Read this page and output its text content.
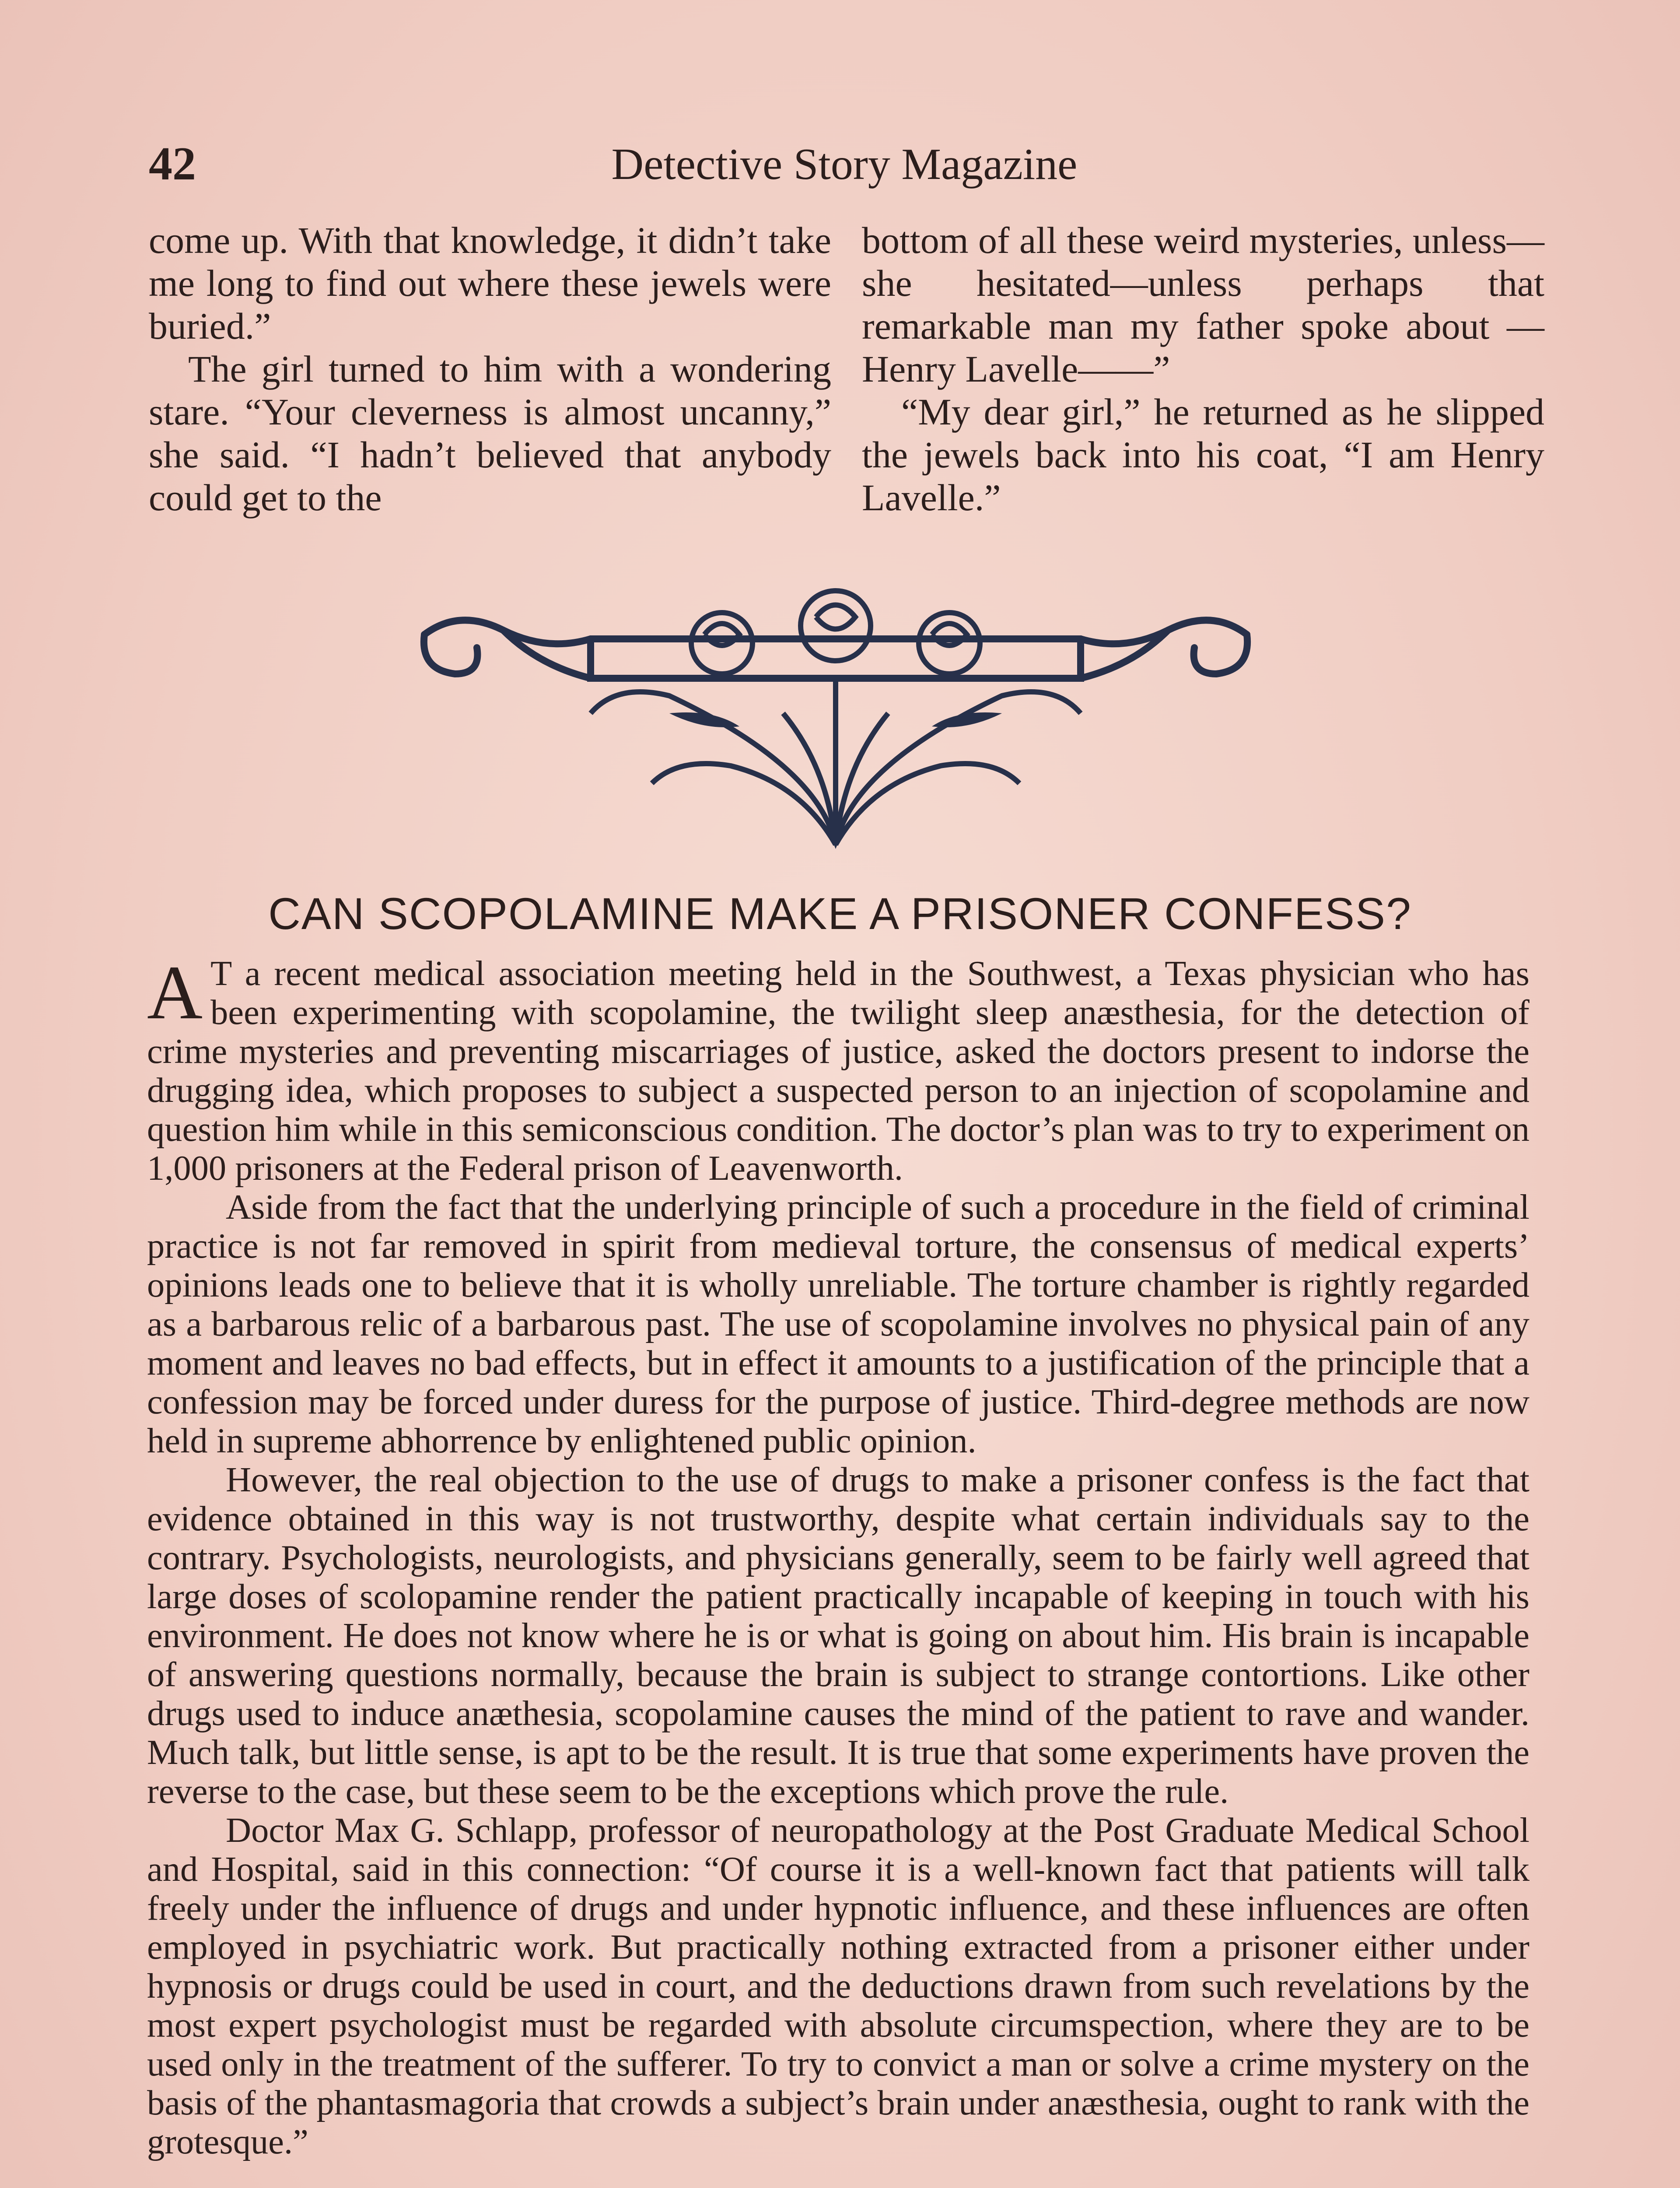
42	Detective Story Magazine

come up. With that knowledge, it didn’t take me long to find out where these jewels were buried.”

The girl turned to him with a wondering stare. “Your cleverness is almost uncanny,” she said. “I hadn’t believed that anybody could get to the

bottom of all these weird mysteries, unless—she hesitated—unless perhaps that remarkable man my father spoke about —Henry Lavelle——”

“My dear girl,” he returned as he slipped the jewels back into his coat, “I am Henry Lavelle.”

CAN SCOPOLAMINE MAKE A PRISONER CONFESS?

A T a recent medical association meeting held in the Southwest, a Texas physician who has been experimenting with scopolamine, the twilight sleep anæsthesia, for the detection of crime mysteries and preventing miscarriages of justice, asked the doctors present to indorse the drugging idea, which proposes to subject a suspected person to an injection of scopolamine and question him while in this semiconscious condition. The doctor’s plan was to try to experiment on 1,000 prisoners at the Federal prison of Leavenworth.

Aside from the fact that the underlying principle of such a procedure in the field of criminal practice is not far removed in spirit from medieval torture, the consensus of medical experts’ opinions leads one to believe that it is wholly unreliable. The torture chamber is rightly regarded as a barbarous relic of a barbarous past. The use of scopolamine involves no physical pain of any moment and leaves no bad effects, but in effect it amounts to a justification of the principle that a confession may be forced under duress for the purpose of justice. Third-degree methods are now held in supreme abhorrence by enlightened public opinion.

However, the real objection to the use of drugs to make a prisoner confess is the fact that evidence obtained in this way is not trustworthy, despite what certain individuals say to the contrary. Psychologists, neurologists, and physicians generally, seem to be fairly well agreed that large doses of scolopamine render the patient practically incapable of keeping in touch with his environment. He does not know where he is or what is going on about him. His brain is incapable of answering questions normally, because the brain is subject to strange contortions. Like other drugs used to induce anæthesia, scopolamine causes the mind of the patient to rave and wander. Much talk, but little sense, is apt to be the result. It is true that some experiments have proven the reverse to the case, but these seem to be the exceptions which prove the rule.

Doctor Max G. Schlapp, professor of neuropathology at the Post Graduate Medical School and Hospital, said in this connection: “Of course it is a well-known fact that patients will talk freely under the influence of drugs and under hypnotic influence, and these influences are often employed in psychiatric work. But practically nothing extracted from a prisoner either under hypnosis or drugs could be used in court, and the deductions drawn from such revelations by the most expert psychologist must be regarded with absolute circumspection, where they are to be used only in the treatment of the sufferer. To try to convict a man or solve a crime mystery on the basis of the phantasmagoria that crowds a subject’s brain under anæsthesia, ought to rank with the grotesque.”
